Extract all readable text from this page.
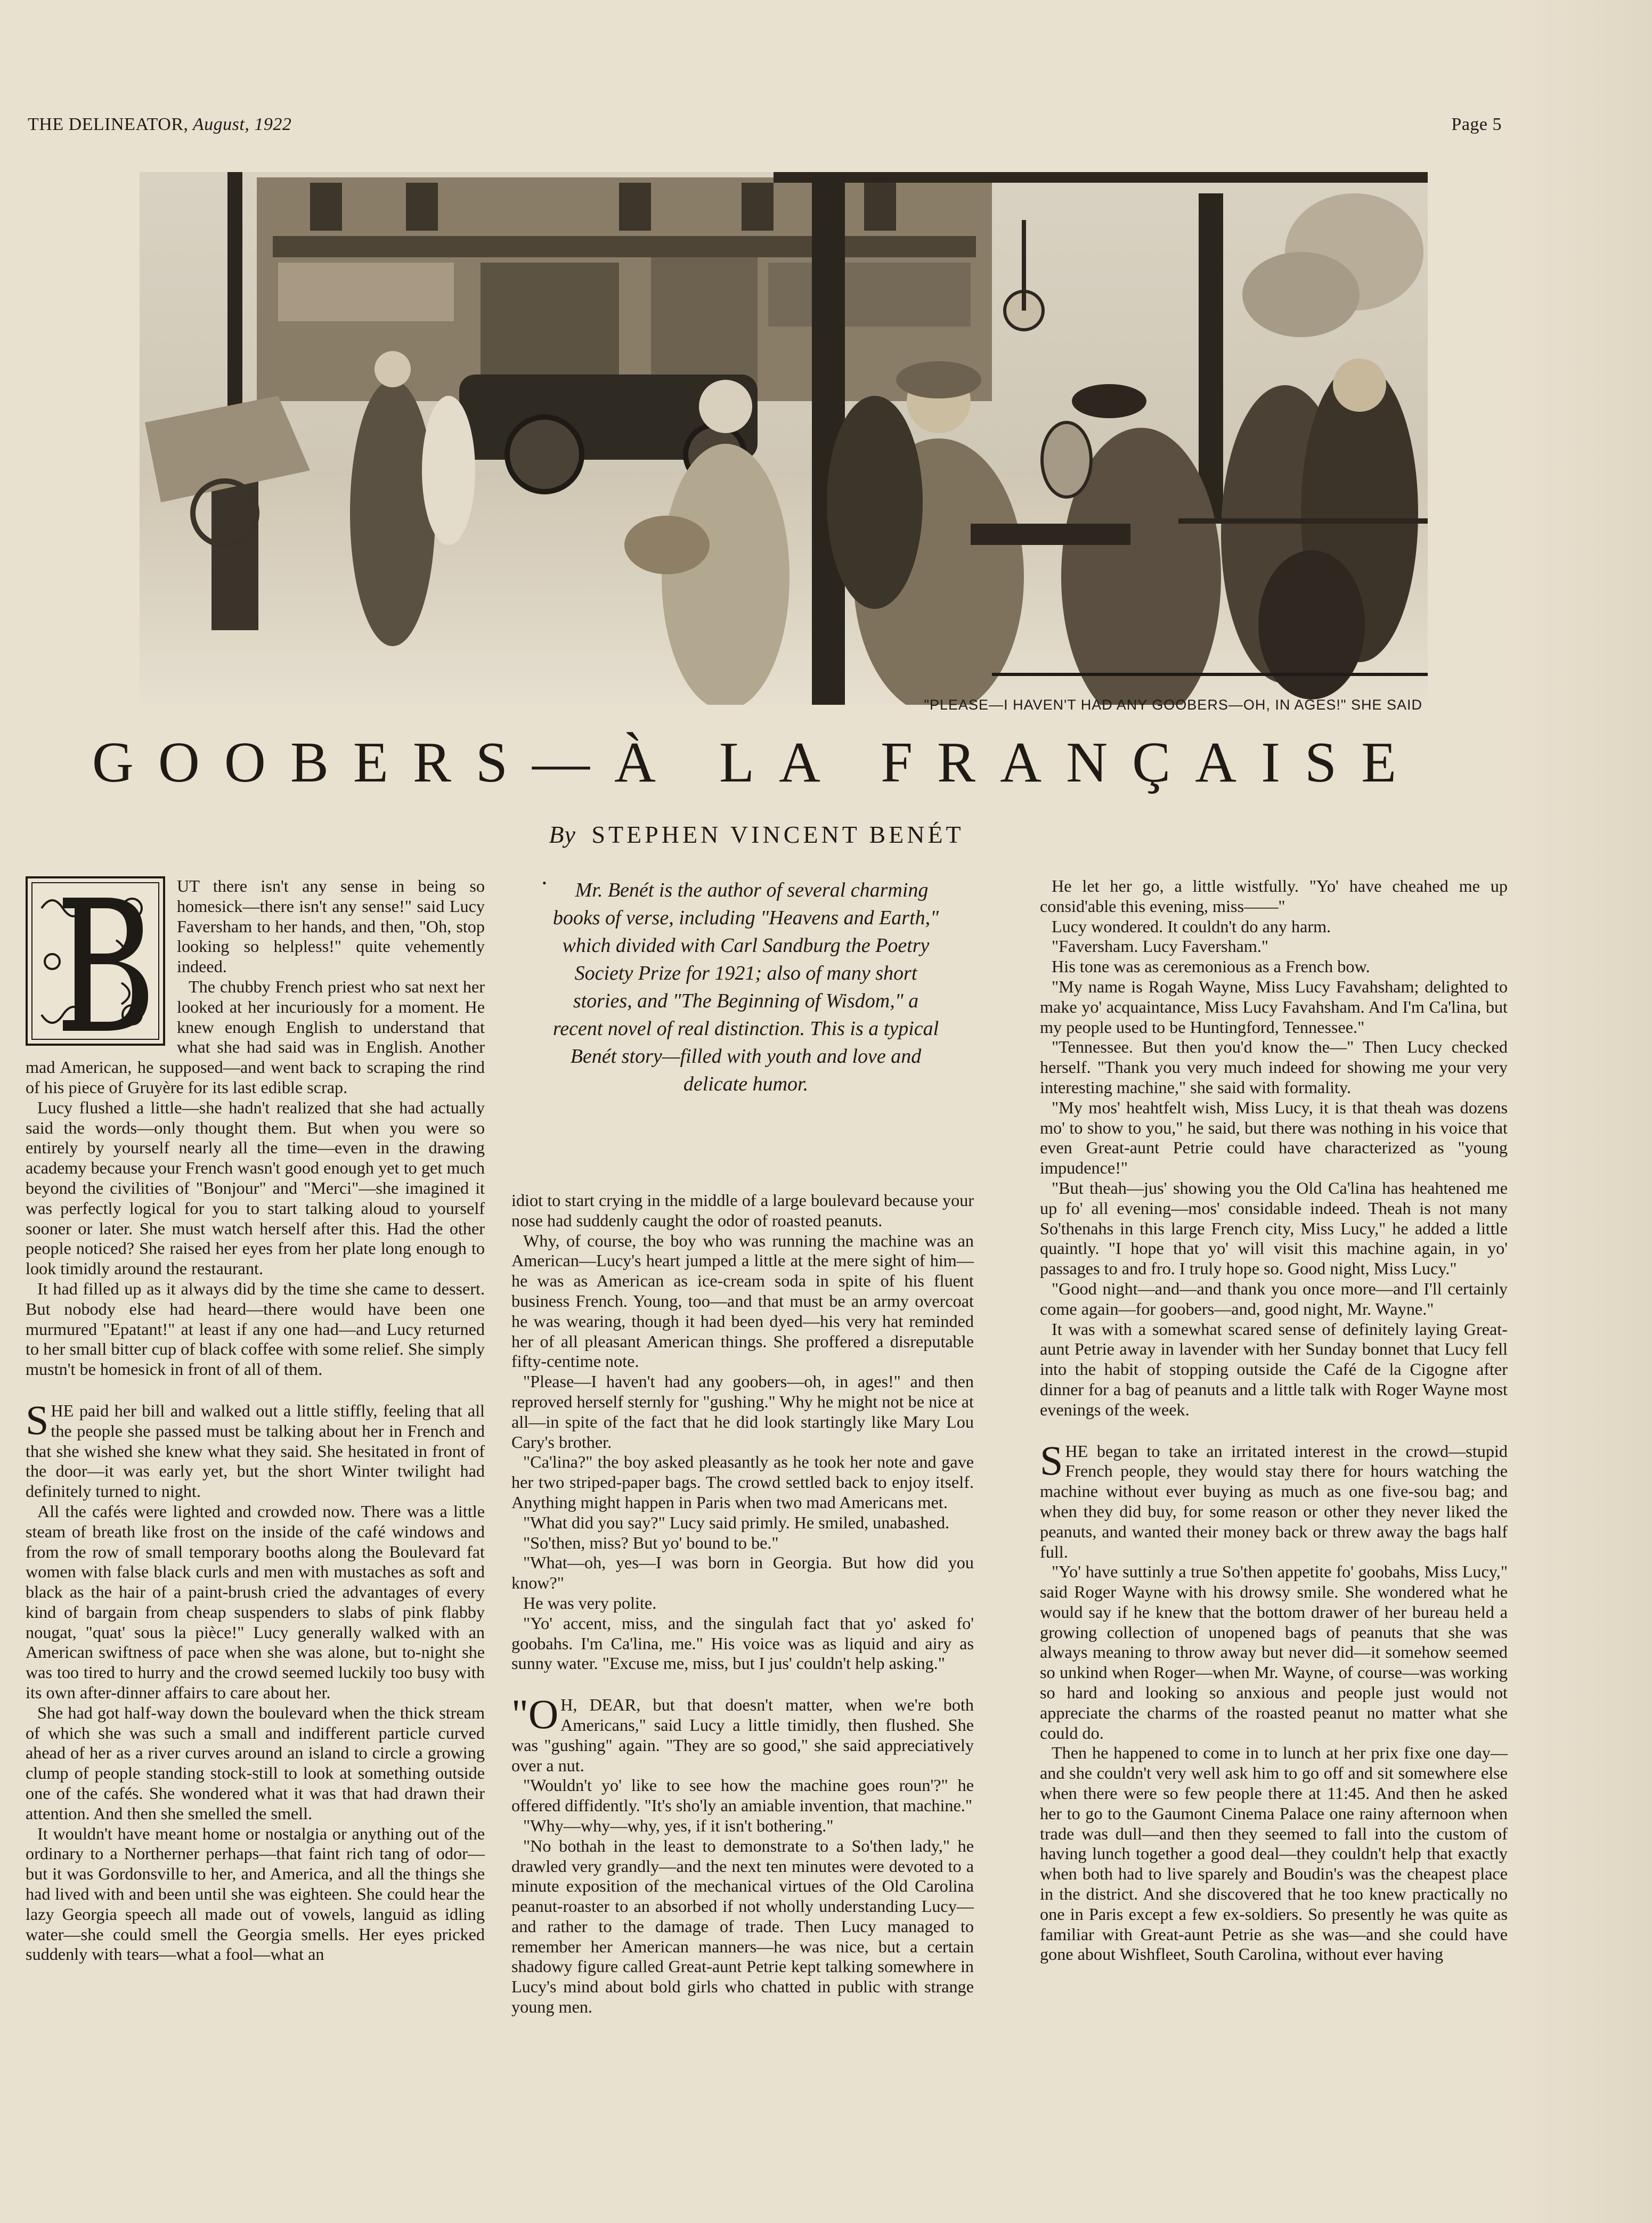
THE DELINEATOR, August, 1922	Page 5
"PLEASE—I HAVEN'T HAD ANY GOOBERS—OH, IN AGES!" SHE SAID
GOOBERS—À LA FRANÇAISE
By STEPHEN VINCENT BENÉT

UT there isn't any sense in being so homesick—there isn't any sense!" said Lucy Faversham to her hands, and then, "Oh, stop looking so helpless!" quite vehemently indeed.

The chubby French priest who sat next her looked at her incuriously for a moment. He knew enough English to understand that what she had said was in English. Another mad American, he supposed—and went back to scraping the rind of his piece of Gruyère for its last edible scrap.

Lucy flushed a little—she hadn't realized that she had actually said the words—only thought them. But when you were so entirely by yourself nearly all the time—even in the drawing academy because your French wasn't good enough yet to get much beyond the civilities of "Bonjour" and "Merci"—she imagined it was perfectly logical for you to start talking aloud to yourself sooner or later. She must watch herself after this. Had the other people noticed? She raised her eyes from her plate long enough to look timidly around the restaurant.

It had filled up as it always did by the time she came to dessert. But nobody else had heard—there would have been one murmured "Epatant!" at least if any one had—and Lucy returned to her small bitter cup of black coffee with some relief. She simply mustn't be homesick in front of all of them.

SHE paid her bill and walked out a little stiffly, feeling that all the people she passed must be talking about her in French and that she wished she knew what they said. She hesitated in front of the door—it was early yet, but the short Winter twilight had definitely turned to night.

All the cafés were lighted and crowded now. There was a little steam of breath like frost on the inside of the café windows and from the row of small temporary booths along the Boulevard fat women with false black curls and men with mustaches as soft and black as the hair of a paint-brush cried the advantages of every kind of bargain from cheap suspenders to slabs of pink flabby nougat, "quat' sous la pièce!" Lucy generally walked with an American swiftness of pace when she was alone, but to-night she was too tired to hurry and the crowd seemed luckily too busy with its own after-dinner affairs to care about her.

She had got half-way down the boulevard when the thick stream of which she was such a small and indifferent particle curved ahead of her as a river curves around an island to circle a growing clump of people standing stock-still to look at something outside one of the cafés. She wondered what it was that had drawn their attention. And then she smelled the smell.

It wouldn't have meant home or nostalgia or anything out of the ordinary to a Northerner perhaps—that faint rich tang of odor—but it was Gordonsville to her, and America, and all the things she had lived with and been until she was eighteen. She could hear the lazy Georgia speech all made out of vowels, languid as idling water—she could smell the Georgia smells. Her eyes pricked suddenly with tears—what a fool—what an

•	Mr. Benét is the author of several charming books of verse, including "Heavens and Earth," which divided with Carl Sandburg the Poetry Society Prize for 1921; also of many short stories, and "The Beginning of Wisdom," a recent novel of real distinction. This is a typical Benét story—filled with youth and love and delicate humor.

idiot to start crying in the middle of a large boulevard because your nose had suddenly caught the odor of roasted peanuts.

Why, of course, the boy who was running the machine was an American—Lucy's heart jumped a little at the mere sight of him—he was as American as ice-cream soda in spite of his fluent business French. Young, too—and that must be an army overcoat he was wearing, though it had been dyed—his very hat reminded her of all pleasant American things. She proffered a disreputable fifty-centime note.

"Please—I haven't had any goobers—oh, in ages!" and then reproved herself sternly for "gushing." Why he might not be nice at all—in spite of the fact that he did look startingly like Mary Lou Cary's brother.

"Ca'lina?" the boy asked pleasantly as he took her note and gave her two striped-paper bags. The crowd settled back to enjoy itself. Anything might happen in Paris when two mad Americans met.

"What did you say?" Lucy said primly. He smiled, unabashed.

"So'then, miss? But yo' bound to be."

"What—oh, yes—I was born in Georgia. But how did you know?"

He was very polite.

"Yo' accent, miss, and the singulah fact that yo' asked fo' goobahs. I'm Ca'lina, me." His voice was as liquid and airy as sunny water. "Excuse me, miss, but I jus' couldn't help asking."

"OH, DEAR, but that doesn't matter, when we're both Americans," said Lucy a little timidly, then flushed. She was "gushing" again. "They are so good," she said appreciatively over a nut.

"Wouldn't yo' like to see how the machine goes roun'?" he offered diffidently. "It's sho'ly an amiable invention, that machine."

"Why—why—why, yes, if it isn't bothering."

"No bothah in the least to demonstrate to a So'then lady," he drawled very grandly—and the next ten minutes were devoted to a minute exposition of the mechanical virtues of the Old Carolina peanut-roaster to an absorbed if not wholly understanding Lucy—and rather to the damage of trade. Then Lucy managed to remember her American manners—he was nice, but a certain shadowy figure called Great-aunt Petrie kept talking somewhere in Lucy's mind about bold girls who chatted in public with strange young men.

He let her go, a little wistfully. "Yo' have cheahed me up consid'able this evening, miss——"

Lucy wondered. It couldn't do any harm.

"Faversham. Lucy Faversham."

His tone was as ceremonious as a French bow.

"My name is Rogah Wayne, Miss Lucy Favahsham; delighted to make yo' acquaintance, Miss Lucy Favahsham. And I'm Ca'lina, but my people used to be Huntingford, Tennessee."

"Tennessee. But then you'd know the—" Then Lucy checked herself. "Thank you very much indeed for showing me your very interesting machine," she said with formality.

"My mos' heahtfelt wish, Miss Lucy, it is that theah was dozens mo' to show to you," he said, but there was nothing in his voice that even Great-aunt Petrie could have characterized as "young impudence!"

"But theah—jus' showing you the Old Ca'lina has heahtened me up fo' all evening—mos' considable indeed. Theah is not many So'thenahs in this large French city, Miss Lucy," he added a little quaintly. "I hope that yo' will visit this machine again, in yo' passages to and fro. I truly hope so. Good night, Miss Lucy."

"Good night—and—and thank you once more—and I'll certainly come again—for goobers—and, good night, Mr. Wayne."

It was with a somewhat scared sense of definitely laying Great-aunt Petrie away in lavender with her Sunday bonnet that Lucy fell into the habit of stopping outside the Café de la Cigogne after dinner for a bag of peanuts and a little talk with Roger Wayne most evenings of the week.

SHE began to take an irritated interest in the crowd—stupid French people, they would stay there for hours watching the machine without ever buying as much as one five-sou bag; and when they did buy, for some reason or other they never liked the peanuts, and wanted their money back or threw away the bags half full.

"Yo' have suttinly a true So'then appetite fo' goobahs, Miss Lucy," said Roger Wayne with his drowsy smile. She wondered what he would say if he knew that the bottom drawer of her bureau held a growing collection of unopened bags of peanuts that she was always meaning to throw away but never did—it somehow seemed so unkind when Roger—when Mr. Wayne, of course—was working so hard and looking so anxious and people just would not appreciate the charms of the roasted peanut no matter what she could do.

Then he happened to come in to lunch at her prix fixe one day—and she couldn't very well ask him to go off and sit somewhere else when there were so few people there at 11:45. And then he asked her to go to the Gaumont Cinema Palace one rainy afternoon when trade was dull—and then they seemed to fall into the custom of having lunch together a good deal—they couldn't help that exactly when both had to live sparely and Boudin's was the cheapest place in the district. And she discovered that he too knew practically no one in Paris except a few ex-soldiers. So presently he was quite as familiar with Great-aunt Petrie as she was—and she could have gone about Wishfleet, South Carolina, without ever having
